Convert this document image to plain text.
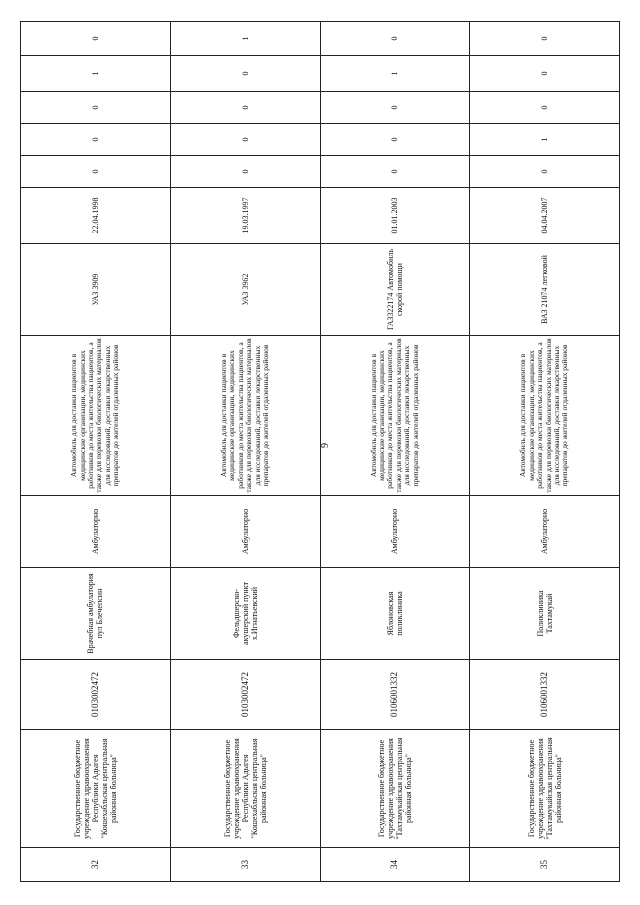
9
32	Государственное бюджетное учреждение здравоохранения Республики Адыгея "Кошехабльская центральная районная больница"	0103002472	Врачебная амбулатория пул Блечепсин	Амбулаторно	Автомобиль для доставки пациентов в медицинские организации, медицинских работников до места жительства пациентов, а также для перевозки биологических материалов для исследований, доставки лекарственных препаратов до жителей отдаленных районов	УАЗ 3909	22.04.1998	0	0	0	1	0
33	Государственное бюджетное учреждение здравоохранения Республики Адыгея "Кошехабльская центральная районная больница"	0103002472	Фельдшерско-акушерский пункт х.Игнатьевский	Амбулаторно	Автомобиль для доставки пациентов в медицинские организации, медицинских работников до места жительства пациентов, а также для перевозки биологических материалов для исследований, доставки лекарственных препаратов до жителей отдаленных районов	УАЗ 3962	19.03.1997	0	0	0	0	1
34	Государственное бюджетное учреждение здравоохранения "Тахтамукайская центральная районная больница"	0106001332	Яблоновская поликлиника	Амбулаторно	Автомобиль для доставки пациентов в медицинские организации, медицинских работников до места жительства пациентов, а также для перевозки биологических материалов для исследований, доставки лекарственных препаратов до жителей отдаленных районов	ГАЗ322174 Автомобиль скорой помощи	01.01.2003	0	0	0	1	0
35	Государственное бюджетное учреждение здравоохранения "Тахтамукайская центральная районная больница"	0106001332	Поликлиника Тахтамукай	Амбулаторно	Автомобиль для доставки пациентов в медицинские организации, медицинских работников до места жительства пациентов, а также для перевозки биологических материалов для исследований, доставки лекарственных препаратов до жителей отдаленных районов	ВАЗ 21074 легковой	04.04.2007	0	1	0	0	0
